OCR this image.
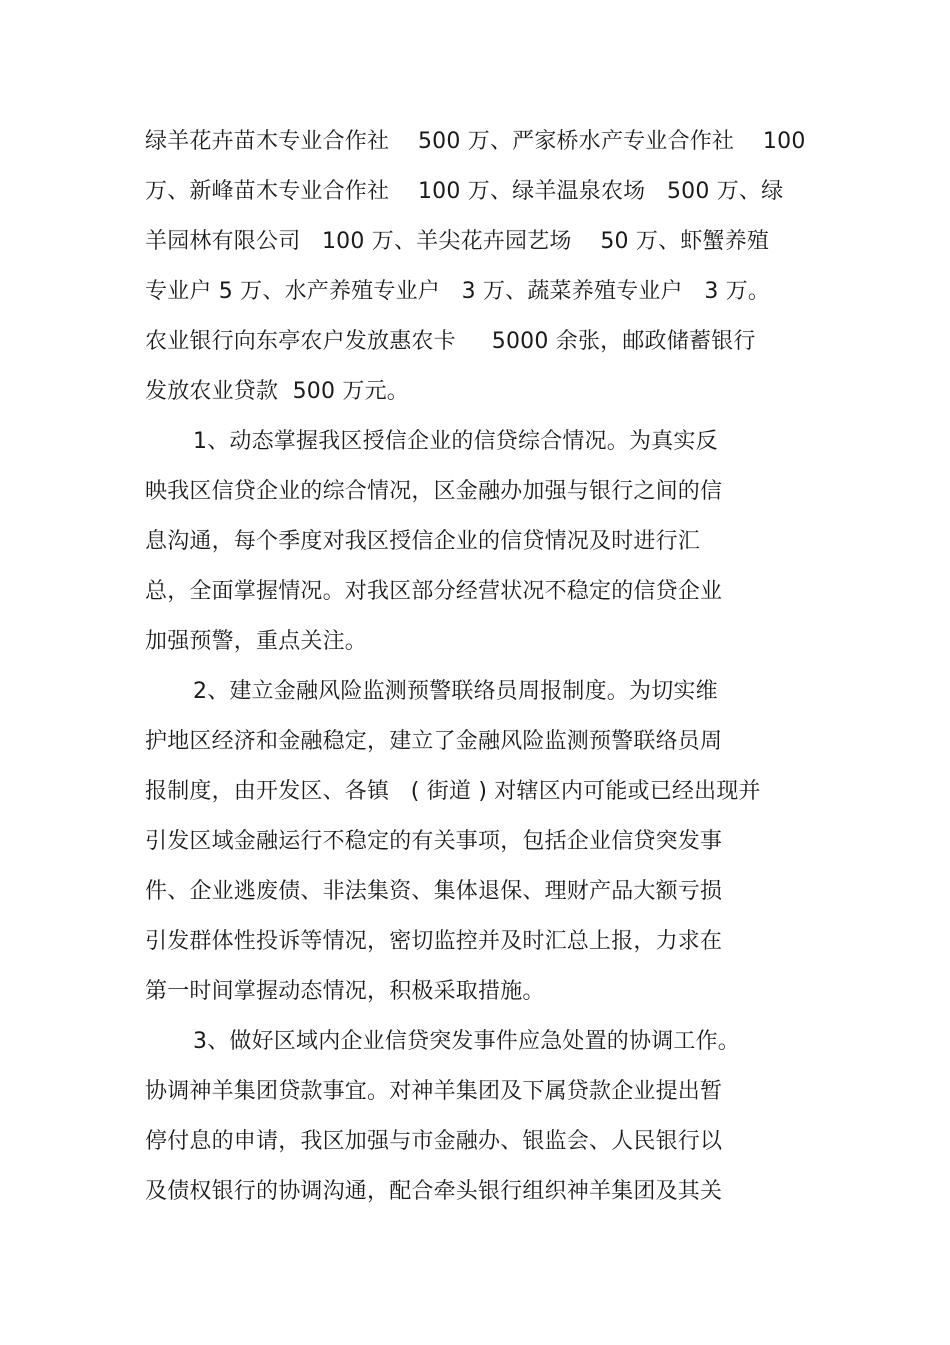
绿羊花卉苗木专业合作社    500 万、严家桥水产专业合作社    100
万、新峰苗木专业合作社    100 万、绿羊温泉农场   500 万、绿
羊园林有限公司   100 万、羊尖花卉园艺场    50 万、虾蟹养殖
专业户 5 万、水产养殖专业户   3 万、蔬菜养殖专业户   3 万。
农业银行向东亭农户发放惠农卡     5000 余张，邮政储蓄银行
发放农业贷款  500 万元。
1、动态掌握我区授信企业的信贷综合情况。为真实反
映我区信贷企业的综合情况，区金融办加强与银行之间的信
息沟通，每个季度对我区授信企业的信贷情况及时进行汇
总，全面掌握情况。对我区部分经营状况不稳定的信贷企业
加强预警，重点关注。
2、建立金融风险监测预警联络员周报制度。为切实维
护地区经济和金融稳定，建立了金融风险监测预警联络员周
报制度，由开发区、各镇   ( 街道 ) 对辖区内可能或已经出现并
引发区域金融运行不稳定的有关事项，包括企业信贷突发事
件、企业逃废债、非法集资、集体退保、理财产品大额亏损
引发群体性投诉等情况，密切监控并及时汇总上报，力求在
第一时间掌握动态情况，积极采取措施。
3、做好区域内企业信贷突发事件应急处置的协调工作。
协调神羊集团贷款事宜。对神羊集团及下属贷款企业提出暂
停付息的申请，我区加强与市金融办、银监会、人民银行以
及债权银行的协调沟通，配合牵头银行组织神羊集团及其关
